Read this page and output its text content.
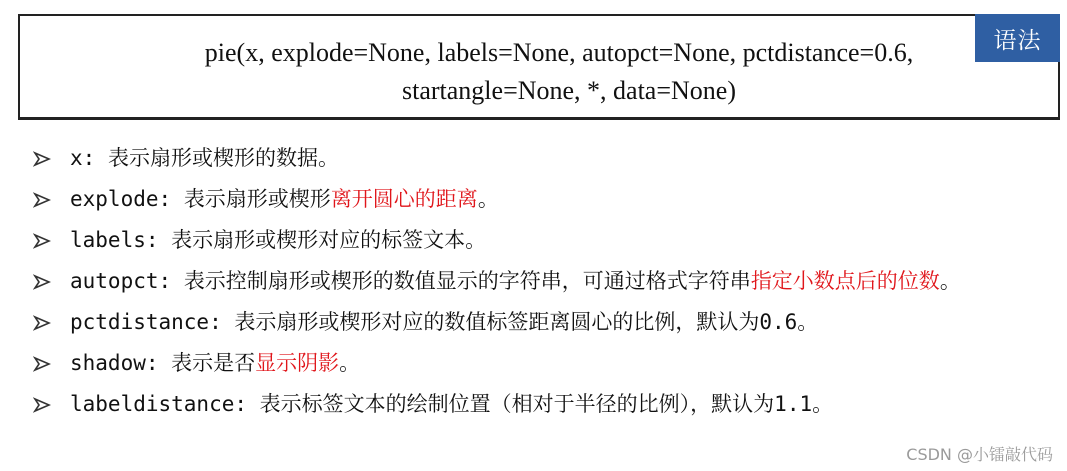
语法
pie(x, explode=None, labels=None, autopct=None, pctdistance=0.6,
startangle=None, *, data=None)
x: 表示扇形或楔形的数据。
explode: 表示扇形或楔形离开圆心的距离。
labels: 表示扇形或楔形对应的标签文本。
autopct: 表示控制扇形或楔形的数值显示的字符串，可通过格式字符串指定小数点后的位数。
pctdistance: 表示扇形或楔形对应的数值标签距离圆心的比例，默认为0.6。
shadow: 表示是否显示阴影。
labeldistance: 表示标签文本的绘制位置（相对于半径的比例），默认为1.1。
CSDN @小镭敲代码
